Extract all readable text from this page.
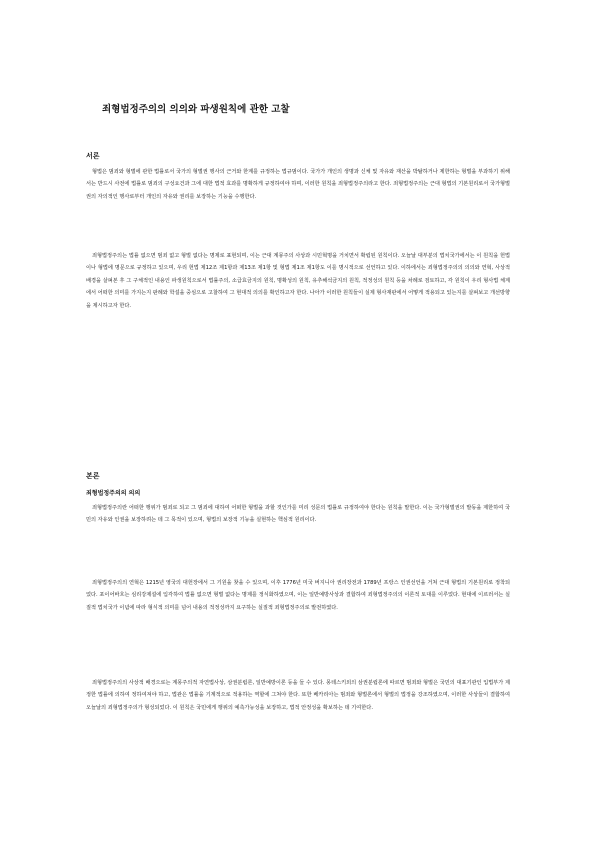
죄형법정주의의 의의와 파생원칙에 관한 고찰
서론

형법은 범죄와 형벌에 관한 법률로서 국가의 형벌권 행사의 근거와 한계를 규정하는 법규범이다. 국가가 개인의 생명과 신체 및 자유와 재산을 박탈하거나 제한하는 형벌을 부과하기 위해서는 반드시 사전에 법률로 범죄의 구성요건과 그에 대한 법적 효과를 명확하게 규정하여야 하며, 이러한 원칙을 죄형법정주의라고 한다. 죄형법정주의는 근대 형법의 기본원리로서 국가형벌권의 자의적인 행사로부터 개인의 자유와 권리를 보장하는 기능을 수행한다.

죄형법정주의는 법률 없으면 범죄 없고 형벌 없다는 명제로 표현되며, 이는 근대 계몽주의 사상과 시민혁명을 거치면서 확립된 원칙이다. 오늘날 대부분의 법치국가에서는 이 원칙을 헌법이나 형법에 명문으로 규정하고 있으며, 우리 헌법 제12조 제1항과 제13조 제1항 및 형법 제1조 제1항도 이를 명시적으로 선언하고 있다. 이하에서는 죄형법정주의의 의의와 연혁, 사상적 배경을 살펴본 후 그 구체적인 내용인 파생원칙으로서 법률주의, 소급효금지의 원칙, 명확성의 원칙, 유추해석금지의 원칙, 적정성의 원칙 등을 차례로 검토하고, 각 원칙이 우리 형사법 체계에서 어떠한 의미를 가지는지 판례와 학설을 중심으로 고찰하여 그 현대적 의의를 확인하고자 한다. 나아가 이러한 원칙들이 실제 형사재판에서 어떻게 적용되고 있는지를 살펴보고 개선방향을 제시하고자 한다.

본론
죄형법정주의의 의의

죄형법정주의란 어떠한 행위가 범죄로 되고 그 범죄에 대하여 어떠한 형벌을 과할 것인가를 미리 성문의 법률로 규정하여야 한다는 원칙을 말한다. 이는 국가형벌권의 발동을 제한하여 국민의 자유와 인권을 보장하려는 데 그 목적이 있으며, 형법의 보장적 기능을 실현하는 핵심적 원리이다.

죄형법정주의의 연혁은 1215년 영국의 대헌장에서 그 기원을 찾을 수 있으며, 이후 1776년 미국 버지니아 권리장전과 1789년 프랑스 인권선언을 거쳐 근대 형법의 기본원리로 정착되었다. 포이어바흐는 심리강제설에 입각하여 법률 없으면 형벌 없다는 명제를 정식화하였으며, 이는 일반예방사상과 결합하여 죄형법정주의의 이론적 토대를 이루었다. 현대에 이르러서는 실질적 법치국가 이념에 따라 형식적 의미를 넘어 내용의 적정성까지 요구하는 실질적 죄형법정주의로 발전하였다.

죄형법정주의의 사상적 배경으로는 계몽주의적 자연법사상, 삼권분립론, 일반예방이론 등을 들 수 있다. 몽테스키외의 삼권분립론에 따르면 범죄와 형벌은 국민의 대표기관인 입법부가 제정한 법률에 의하여 정하여져야 하고, 법관은 법률을 기계적으로 적용하는 역할에 그쳐야 한다. 또한 베카리아는 범죄와 형벌론에서 형벌의 법정을 강조하였으며, 이러한 사상들이 결합하여 오늘날의 죄형법정주의가 형성되었다. 이 원칙은 국민에게 행위의 예측가능성을 보장하고, 법적 안정성을 확보하는 데 기여한다.
